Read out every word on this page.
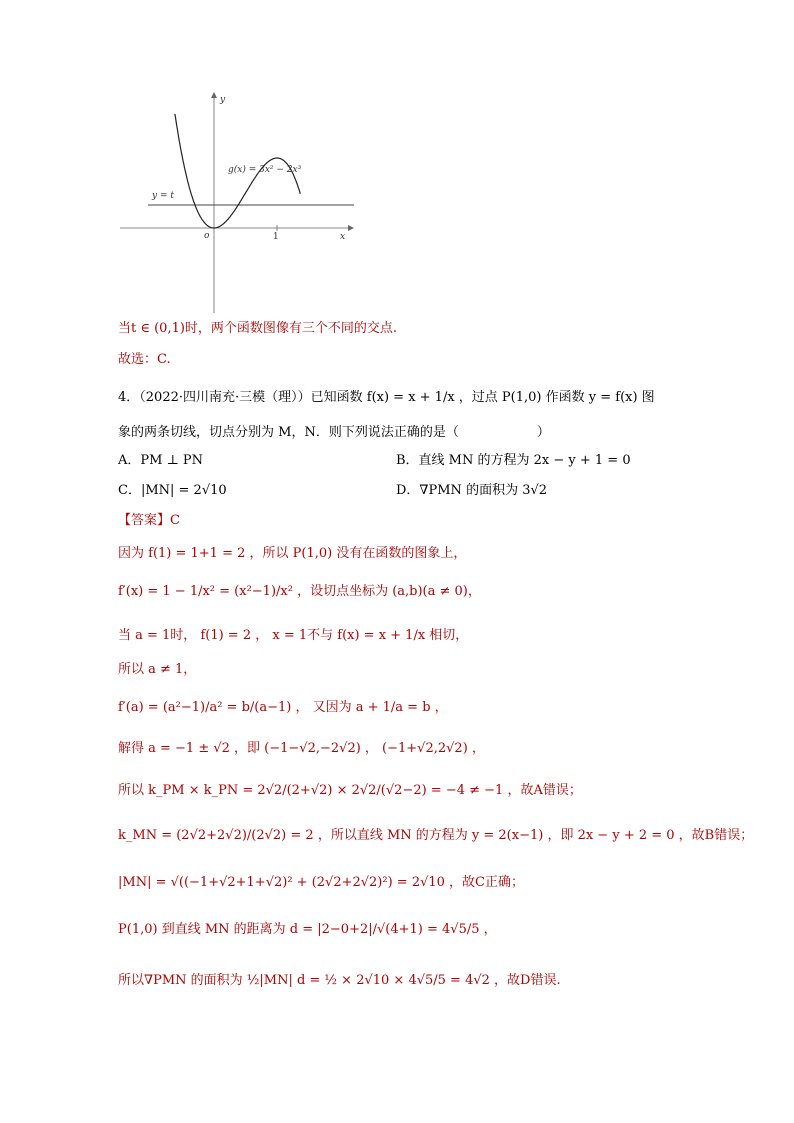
y
x
o	1
y = t
g(x) = 3x² − 2x³
当t ∈ (0,1)时，两个函数图像有三个不同的交点.
故选：C.
4．（2022·四川南充·三模（理））已知函数 f(x) = x + 1/x ，过点 P(1,0) 作函数 y = f(x) 图
象的两条切线，切点分别为 M，N．则下列说法正确的是（　　　　　　）
A．PM ⊥ PN	B．直线 MN 的方程为 2x − y + 1 = 0
C．|MN| = 2√10	D．∇PMN 的面积为 3√2
【答案】C
因为 f(1) = 1+1 = 2 ，所以 P(1,0) 没有在函数的图象上，
f′(x) = 1 − 1/x² = (x²−1)/x² ，设切点坐标为 (a,b)(a ≠ 0)，
当 a = 1时， f(1) = 2 ， x = 1不与 f(x) = x + 1/x 相切，
所以 a ≠ 1，
f′(a) = (a²−1)/a² = b/(a−1) ， 又因为 a + 1/a = b ，
解得 a = −1 ± √2 ，即 (−1−√2,−2√2) ， (−1+√2,2√2) ，
所以 k_PM × k_PN = 2√2/(2+√2) × 2√2/(√2−2) = −4 ≠ −1 ，故A错误；
k_MN = (2√2+2√2)/(2√2) = 2 ，所以直线 MN 的方程为 y = 2(x−1) ，即 2x − y + 2 = 0 ，故B错误；
|MN| = √((−1+√2+1+√2)² + (2√2+2√2)²) = 2√10 ，故C正确；
P(1,0) 到直线 MN 的距离为 d = |2−0+2|/√(4+1) = 4√5/5 ，
所以∇PMN 的面积为 ½|MN| d = ½ × 2√10 × 4√5/5 = 4√2 ，故D错误.
